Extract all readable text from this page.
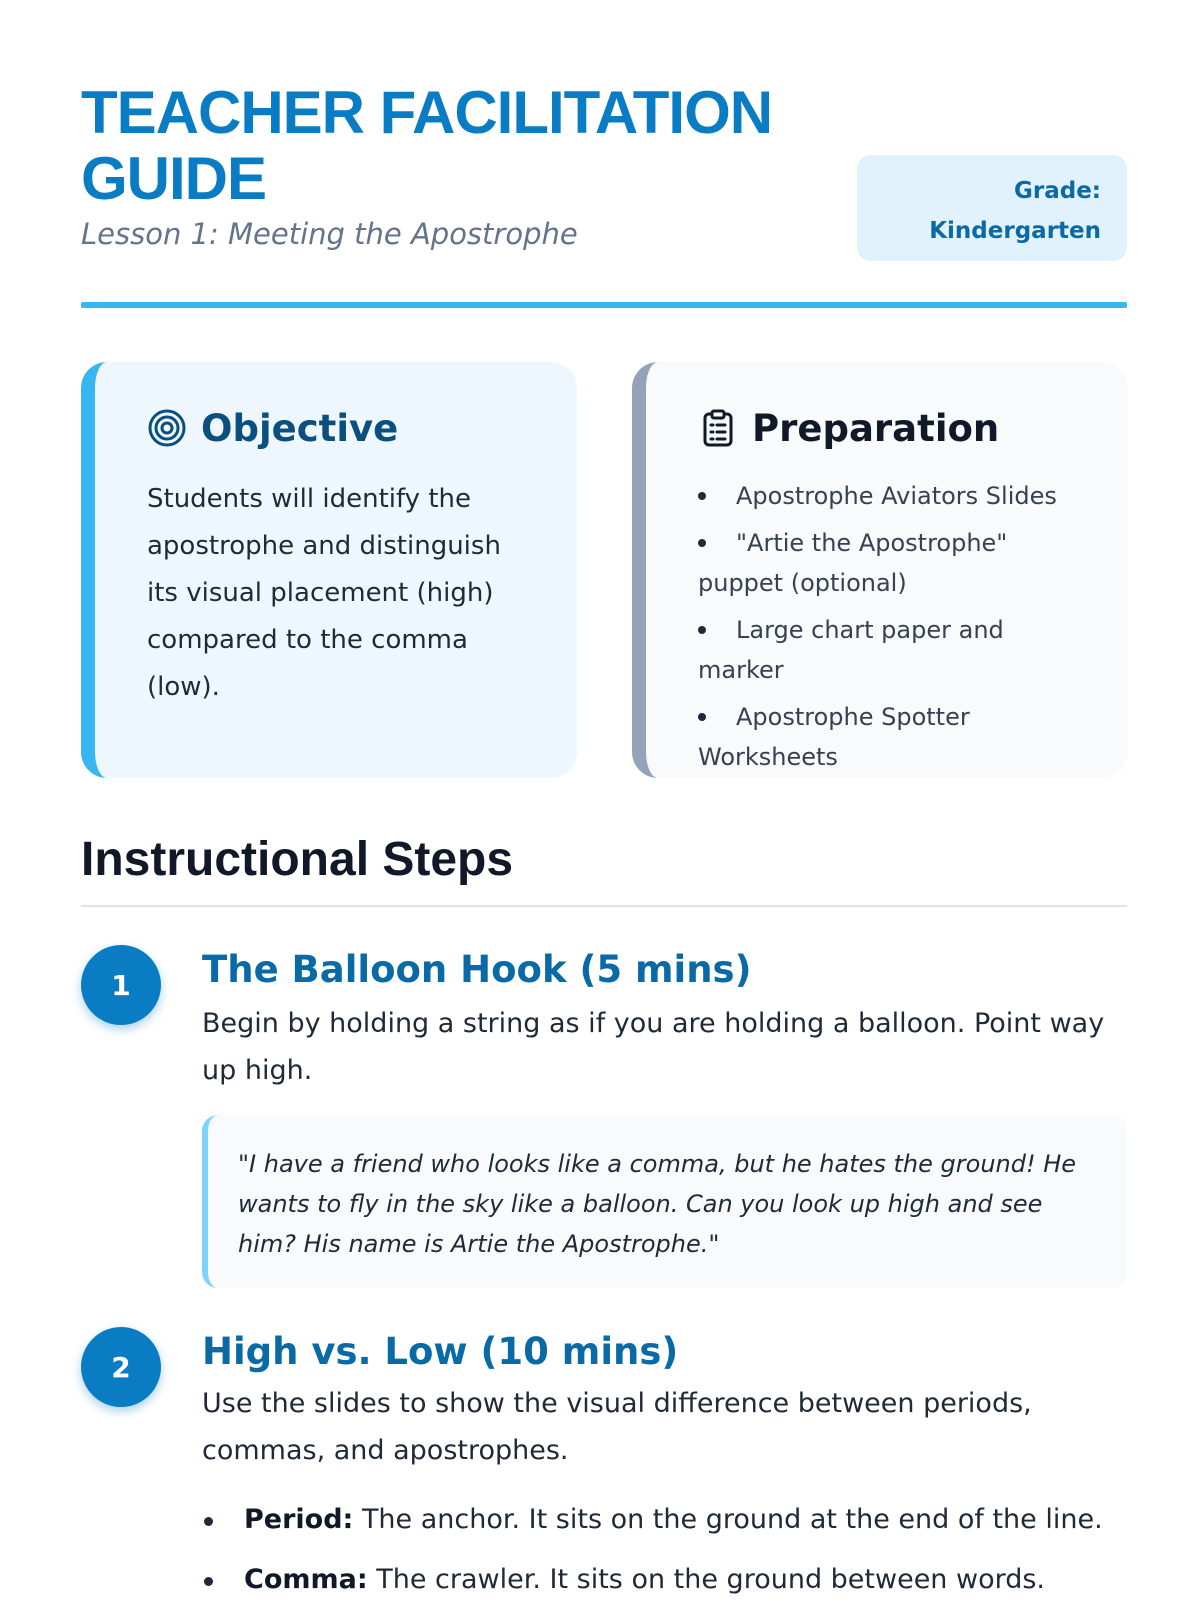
TEACHER FACILITATION GUIDE

Lesson 1: Meeting the Apostrophe

Grade:
Kindergarten
Objective

Students will identify the apostrophe and distinguish its visual placement (high) compared to the comma (low).

Preparation
Apostrophe Aviators Slides
"Artie the Apostrophe" puppet (optional)
Large chart paper and marker
Apostrophe Spotter Worksheets
Instructional Steps
1	The Balloon Hook (5 mins)

Begin by holding a string as if you are holding a balloon. Point way up high.

"I have a friend who looks like a comma, but he hates the ground! He wants to fly in the sky like a balloon. Can you look up high and see him? His name is Artie the Apostrophe."

2	High vs. Low (10 mins)

Use the slides to show the visual difference between periods, commas, and apostrophes.

Period: The anchor. It sits on the ground at the end of the line.
Comma: The crawler. It sits on the ground between words.
